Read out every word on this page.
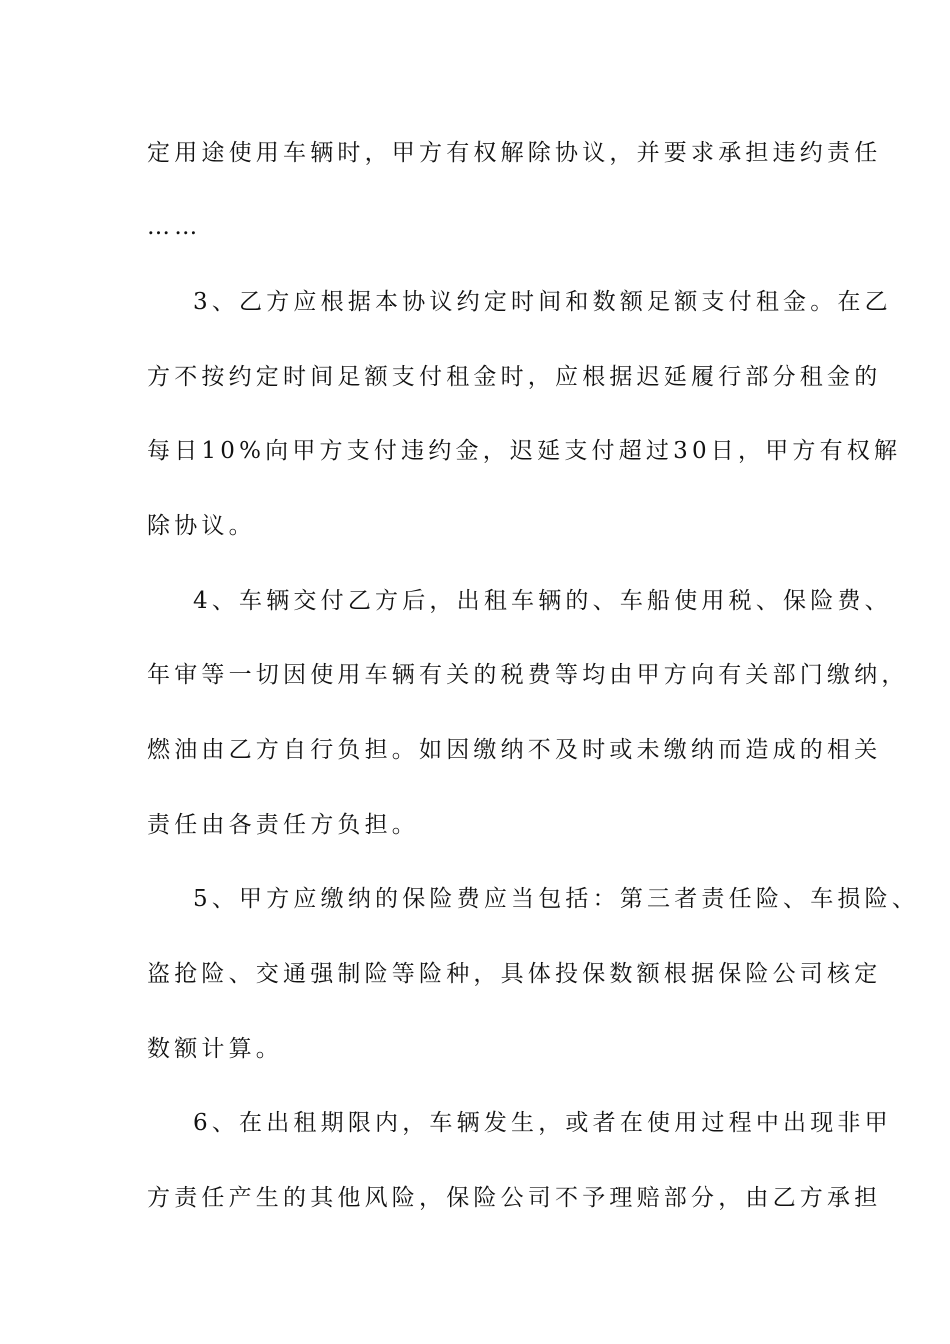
定用途使用车辆时，甲方有权解除协议，并要求承担违约责任
……
3、乙方应根据本协议约定时间和数额足额支付租金。在乙
方不按约定时间足额支付租金时，应根据迟延履行部分租金的
每日10%向甲方支付违约金，迟延支付超过30日，甲方有权解
除协议。
4、车辆交付乙方后，出租车辆的、车船使用税、保险费、
年审等一切因使用车辆有关的税费等均由甲方向有关部门缴纳，
燃油由乙方自行负担。如因缴纳不及时或未缴纳而造成的相关
责任由各责任方负担。
5、甲方应缴纳的保险费应当包括：第三者责任险、车损险、
盗抢险、交通强制险等险种，具体投保数额根据保险公司核定
数额计算。
6、在出租期限内，车辆发生，或者在使用过程中出现非甲
方责任产生的其他风险，保险公司不予理赔部分，由乙方承担
